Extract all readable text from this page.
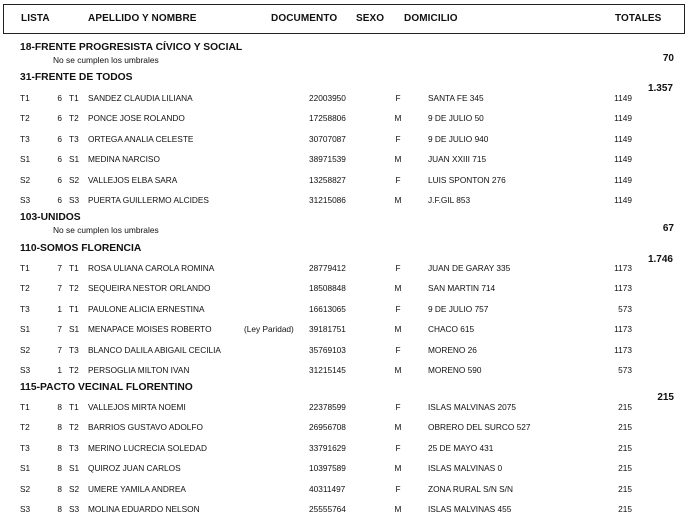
LISTA	APELLIDO Y NOMBRE	DOCUMENTO SEXO DOMICILIO	TOTALES
18-FRENTE PROGRESISTA CÍVICO Y SOCIAL
No se cumplen los umbrales	70
31-FRENTE DE TODOS
1.357
T1	6 T1 SANDEZ CLAUDIA LILIANA	22003950	F	SANTA FE 345	1149
T2	6 T2 PONCE JOSE ROLANDO	17258806	M	9 DE JULIO 50	1149
T3	6 T3 ORTEGA ANALIA CELESTE	30707087	F	9 DE JULIO 940	1149
S1	6 S1 MEDINA NARCISO	38971539	M	JUAN XXIII 715	1149
S2	6 S2 VALLEJOS ELBA SARA	13258827	F	LUIS SPONTON 276	1149
S3	6 S3 PUERTA GUILLERMO ALCIDES	31215086	M	J.F.GIL 853	1149
103-UNIDOS
No se cumplen los umbrales	67
110-SOMOS FLORENCIA
1.746
T1	7 T1 ROSA ULIANA CAROLA ROMINA	28779412	F	JUAN DE GARAY 335	1173
T2	7 T2 SEQUEIRA NESTOR ORLANDO	18508848	M	SAN MARTIN 714	1173
T3	1 T1 PAULONE ALICIA ERNESTINA	16613065	F	9 DE JULIO 757	573
S1	7 S1 MENAPACE MOISES ROBERTO	(Ley Paridad) 39181751	M	CHACO 615	1173
S2	7 T3 BLANCO DALILA ABIGAIL CECILIA	35769103	F	MORENO 26	1173
S3	1 T2 PERSOGLIA MILTON IVAN	31215145	M	MORENO 590	573
115-PACTO VECINAL FLORENTINO
215
T1	8 T1 VALLEJOS MIRTA NOEMI	22378599	F	ISLAS MALVINAS 2075	215
T2	8 T2 BARRIOS GUSTAVO ADOLFO	26956708	M	OBRERO DEL SURCO 527	215
T3	8 T3 MERINO LUCRECIA SOLEDAD	33791629	F	25 DE MAYO 431	215
S1	8 S1 QUIROZ JUAN CARLOS	10397589	M	ISLAS MALVINAS 0	215
S2	8 S2 UMERE YAMILA ANDREA	40311497	F	ZONA RURAL S/N S/N	215
S3	8 S3 MOLINA EDUARDO NELSON	25555764	M	ISLAS MALVINAS 455	215
